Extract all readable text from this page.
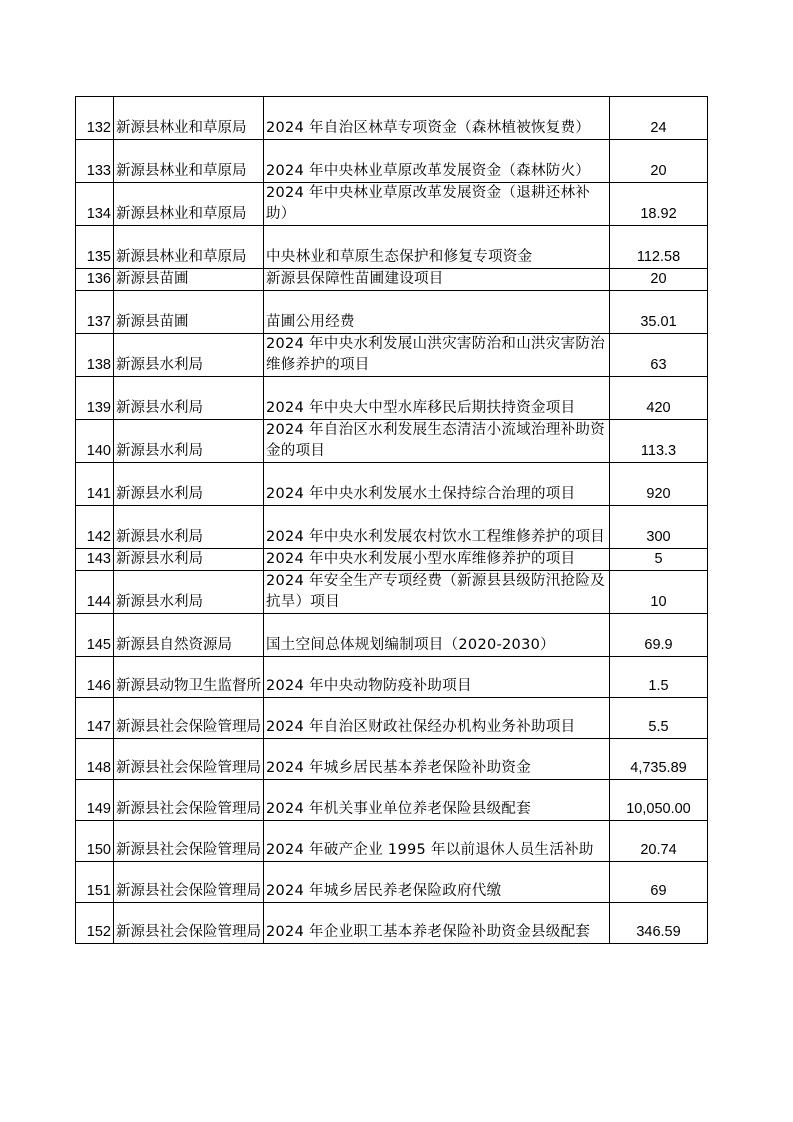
132	新源县林业和草原局	2024 年自治区林草专项资金（森林植被恢复费）	24
133	新源县林业和草原局	2024 年中央林业草原改革发展资金（森林防火）	20
134	新源县林业和草原局	2024 年中央林业草原改革发展资金（退耕还林补助）	18.92
135	新源县林业和草原局	中央林业和草原生态保护和修复专项资金	112.58
136	新源县苗圃	新源县保障性苗圃建设项目	20
137	新源县苗圃	苗圃公用经费	35.01
138	新源县水利局	2024 年中央水利发展山洪灾害防治和山洪灾害防治维修养护的项目	63
139	新源县水利局	2024 年中央大中型水库移民后期扶持资金项目	420
140	新源县水利局	2024 年自治区水利发展生态清洁小流域治理补助资金的项目	113.3
141	新源县水利局	2024 年中央水利发展水土保持综合治理的项目	920
142	新源县水利局	2024 年中央水利发展农村饮水工程维修养护的项目	300
143	新源县水利局	2024 年中央水利发展小型水库维修养护的项目	5
144	新源县水利局	2024 年安全生产专项经费（新源县县级防汛抢险及抗旱）项目	10
145	新源县自然资源局	国土空间总体规划编制项目（2020-2030）	69.9
146	新源县动物卫生监督所	2024 年中央动物防疫补助项目	1.5
147	新源县社会保险管理局	2024 年自治区财政社保经办机构业务补助项目	5.5
148	新源县社会保险管理局	2024 年城乡居民基本养老保险补助资金	4,735.89
149	新源县社会保险管理局	2024 年机关事业单位养老保险县级配套	10,050.00
150	新源县社会保险管理局	2024 年破产企业 1995 年以前退休人员生活补助	20.74
151	新源县社会保险管理局	2024 年城乡居民养老保险政府代缴	69
152	新源县社会保险管理局	2024 年企业职工基本养老保险补助资金县级配套	346.59
